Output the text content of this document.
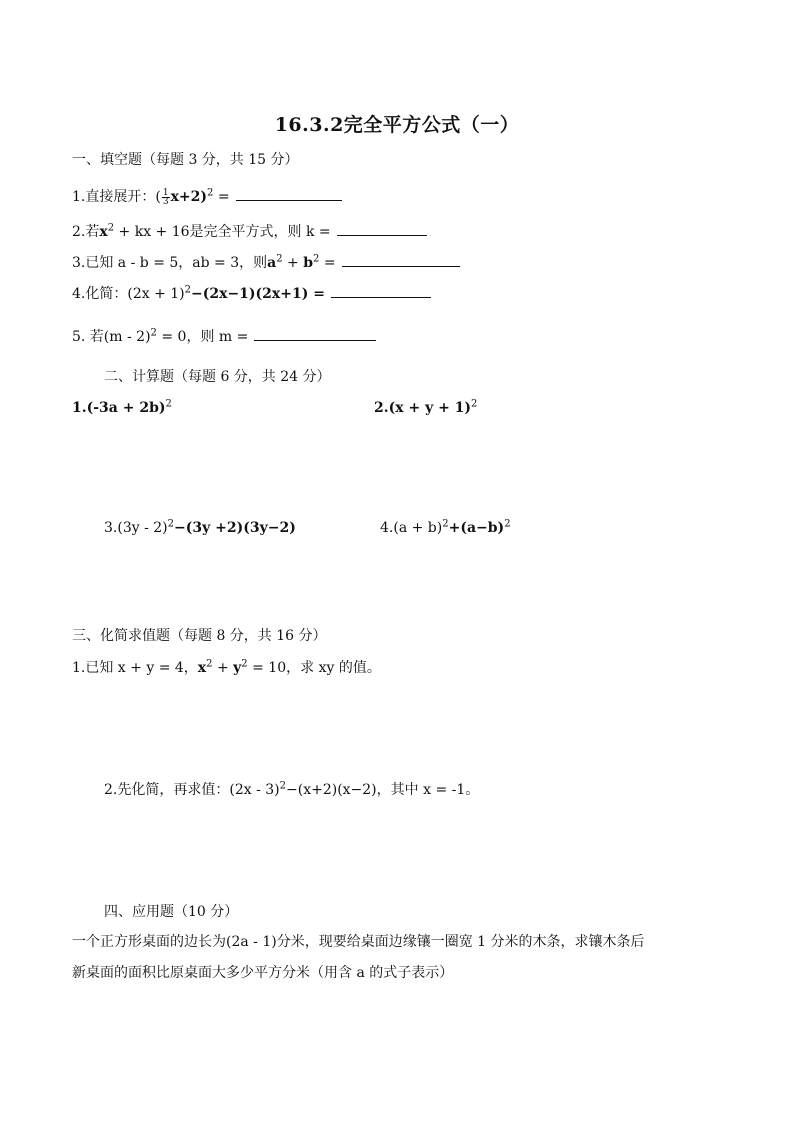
16.3.2完全平方公式（一）
一、填空题（每题 3 分，共 15 分）
1.直接展开：( $\frac{1}{3} x+2)^2$ =
2.若$x^2$ + kx + 16是完全平方式，则 k =
3.已知 a - b = 5，ab = 3，则$a^2 + b^2$ =
4.化简：$(2x + 1)^2-(2x-1)(2x+1)$ =
5. 若(m - 2)$^2$ = 0，则 m =
二、计算题（每题 6 分，共 24 分）
$1.(-3a + 2b)^2$	$2.(x + y + 1)^2$
3.(3y - 2)$^2$−(3y +2)(3y−2)	$4.(a + b)^2+(a-b)^2$
三、化简求值题（每题 8 分，共 16 分）
1.已知 x + y = 4，$x^2 + y^2 = 10$，求 xy 的值。
2.先化简，再求值：(2x - 3)$^2$−(x+2)(x−2)，其中 x = -1。
四、应用题（10 分）
一个正方形桌面的边长为(2a - 1)分米，现要给桌面边缘镶一圈宽 1 分米的木条，求镶木条后
新桌面的面积比原桌面大多少平方分米（用含 a 的式子表示）
